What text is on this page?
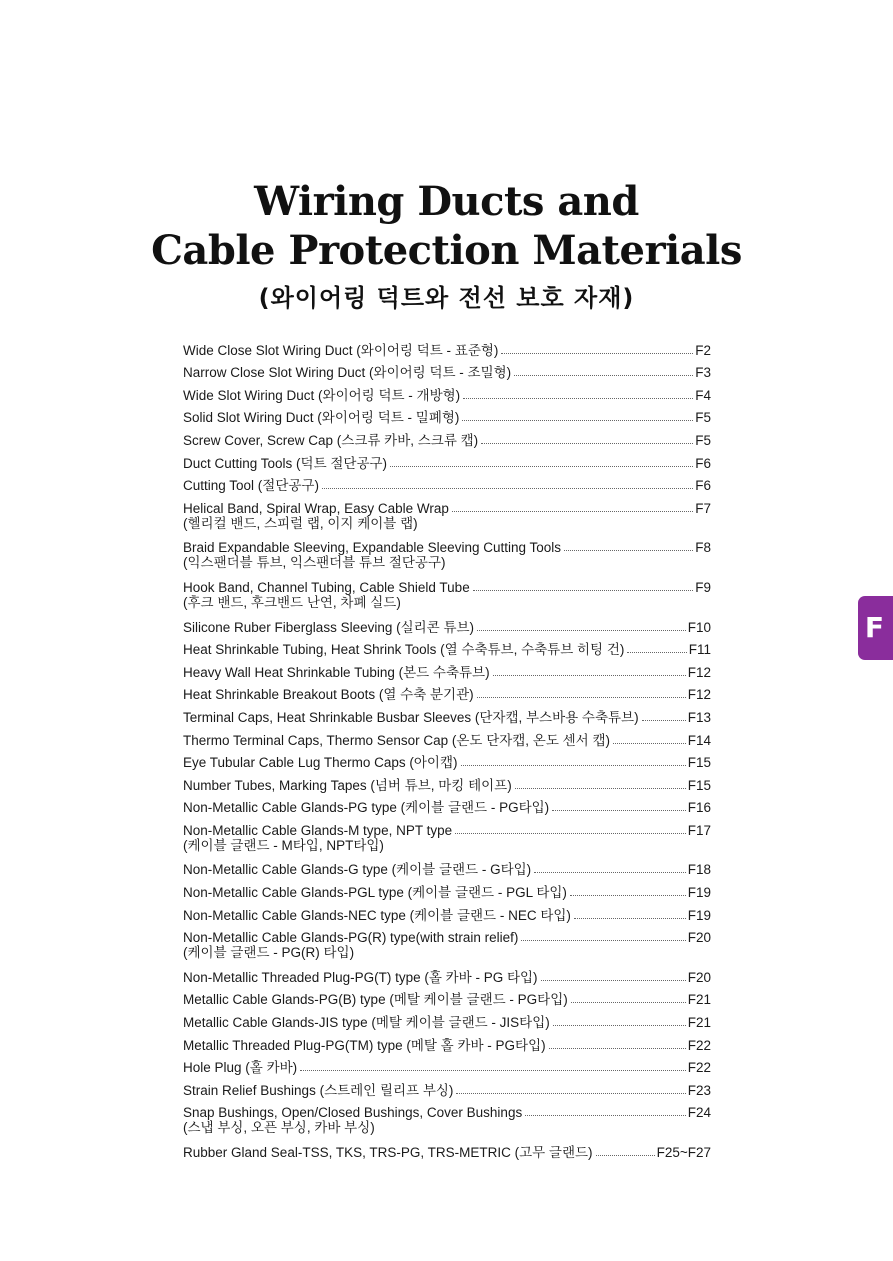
Wiring Ducts and
Cable Protection Materials
(와이어링 덕트와 전선 보호 자재)
Wide Close Slot Wiring Duct (와이어링 덕트 - 표준형)	F2
Narrow Close Slot Wiring Duct (와이어링 덕트 - 조밀형)	F3
Wide Slot Wiring Duct (와이어링 덕트 - 개방형)	F4
Solid Slot Wiring Duct (와이어링 덕트 - 밀폐형)	F5
Screw Cover, Screw Cap (스크류 카바, 스크류 캡)	F5
Duct Cutting Tools (덕트 절단공구)	F6
Cutting Tool (절단공구)	F6
Helical Band, Spiral Wrap, Easy Cable Wrap	F7
(헬리컬 밴드, 스피럴 랩, 이지 케이블 랩)
Braid Expandable Sleeving, Expandable Sleeving Cutting Tools	F8
(익스팬더블 튜브, 익스팬더블 튜브 절단공구)
Hook Band, Channel Tubing, Cable Shield Tube	F9
(후크 밴드, 후크밴드 난연, 차폐 실드)
Silicone Ruber Fiberglass Sleeving (실리콘 튜브)	F10
Heat Shrinkable Tubing, Heat Shrink Tools (열 수축튜브, 수축튜브 히팅 건)	F11
Heavy Wall Heat Shrinkable Tubing (본드 수축튜브)	F12
Heat Shrinkable Breakout Boots (열 수축 분기관)	F12
Terminal Caps, Heat Shrinkable Busbar Sleeves (단자캡, 부스바용 수축튜브)	F13
Thermo Terminal Caps, Thermo Sensor Cap (온도 단자캡, 온도 센서 캡)	F14
Eye Tubular Cable Lug Thermo Caps (아이캡)	F15
Number Tubes, Marking Tapes (넘버 튜브, 마킹 테이프)	F15
Non-Metallic Cable Glands-PG type (케이블 글랜드 - PG타입)	F16
Non-Metallic Cable Glands-M type, NPT type	F17
(케이블 글랜드 - M타입, NPT타입)
Non-Metallic Cable Glands-G type (케이블 글랜드 - G타입)	F18
Non-Metallic Cable Glands-PGL type (케이블 글랜드 - PGL 타입)	F19
Non-Metallic Cable Glands-NEC type (케이블 글랜드 - NEC 타입)	F19
Non-Metallic Cable Glands-PG(R) type(with strain relief)	F20
(케이블 글랜드 - PG(R) 타입)
Non-Metallic Threaded Plug-PG(T) type (홀 카바 - PG 타입)	F20
Metallic Cable Glands-PG(B) type (메탈 케이블 글랜드 - PG타입)	F21
Metallic Cable Glands-JIS type (메탈 케이블 글랜드 - JIS타입)	F21
Metallic Threaded Plug-PG(TM) type (메탈 홀 카바 - PG타입)	F22
Hole Plug (홀 카바)	F22
Strain Relief Bushings (스트레인 릴리프 부싱)	F23
Snap Bushings, Open/Closed Bushings, Cover Bushings	F24
(스냅 부싱, 오픈 부싱, 카바 부싱)
Rubber Gland Seal-TSS, TKS, TRS-PG, TRS-METRIC (고무 글랜드)	F25~F27
F
